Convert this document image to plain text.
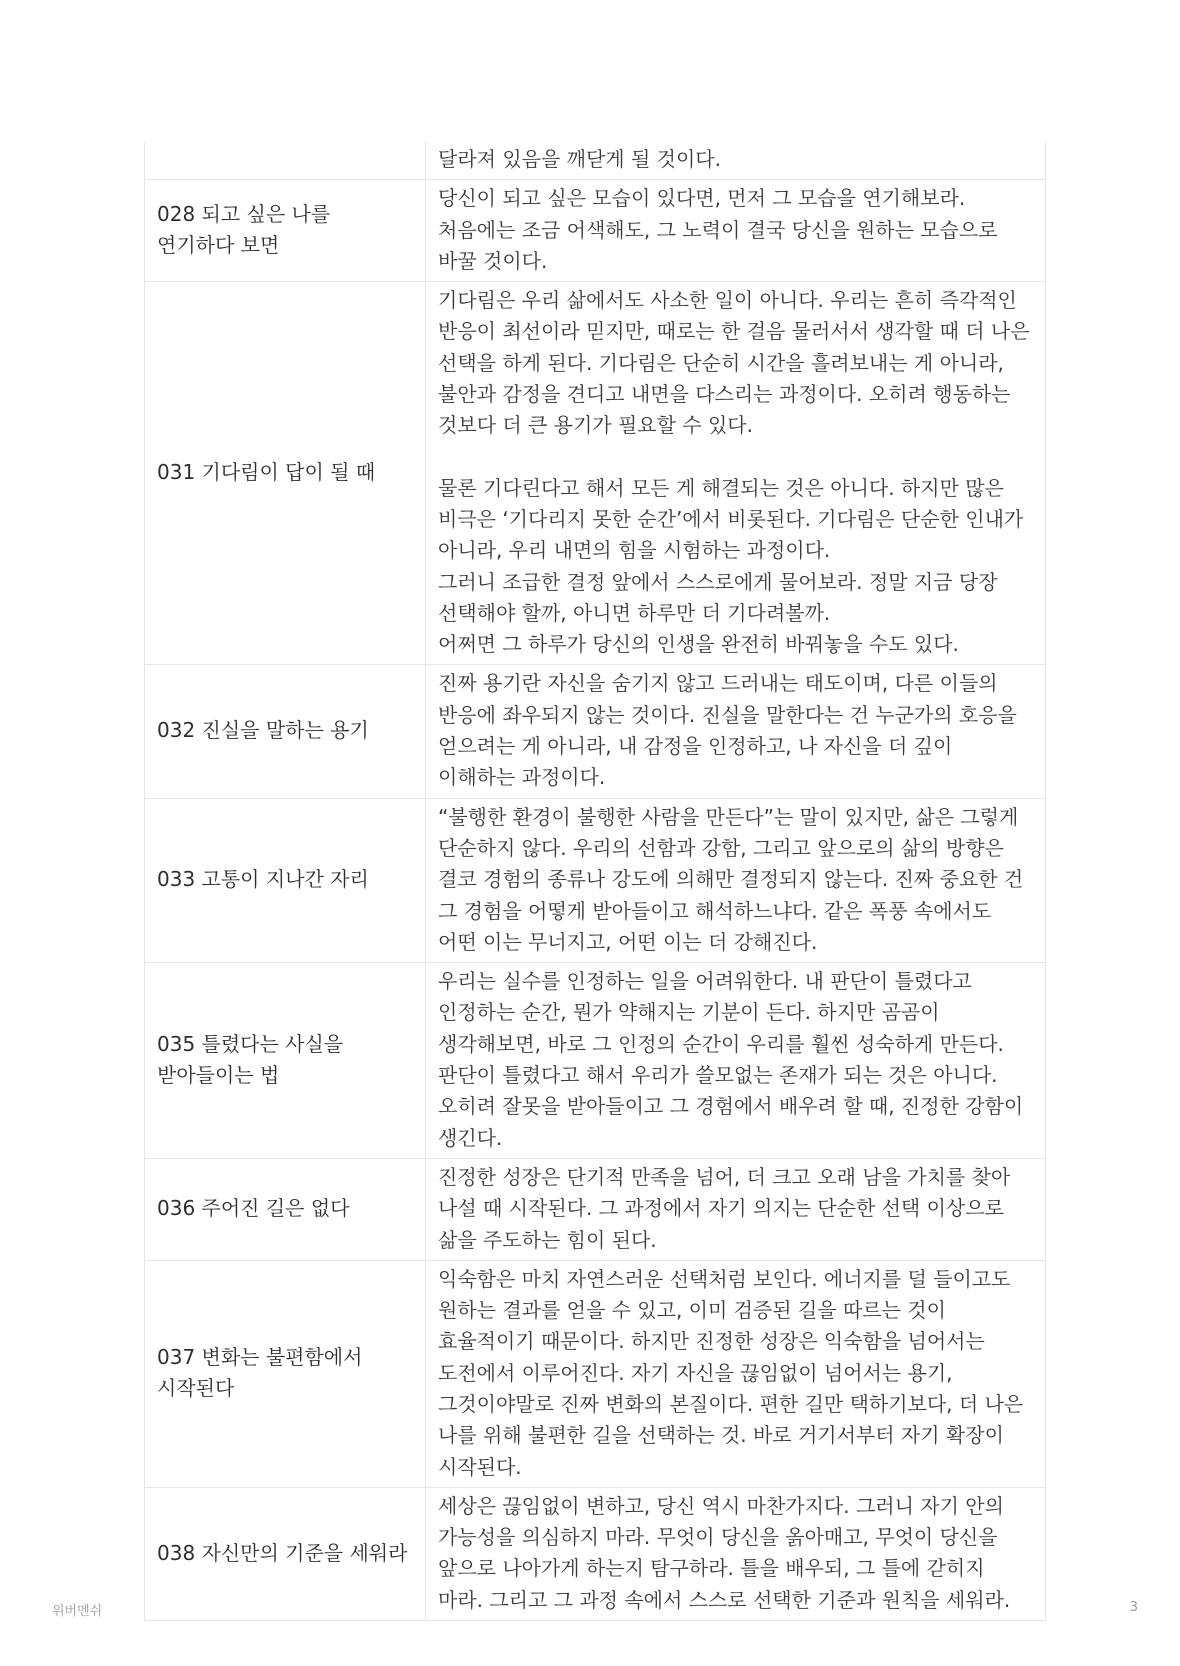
	달라져 있음을 깨닫게 될 것이다.

028 되고 싶은 나를 연기하다 보면	당신이 되고 싶은 모습이 있다면, 먼저 그 모습을 연기해보라. 처음에는 조금 어색해도, 그 노력이 결국 당신을 원하는 모습으로 바꿀 것이다.

031 기다림이 답이 될 때	기다림은 우리 삶에서도 사소한 일이 아니다. 우리는 흔히 즉각적인 반응이 최선이라 믿지만, 때로는 한 걸음 물러서서 생각할 때 더 나은 선택을 하게 된다. 기다림은 단순히 시간을 흘려보내는 게 아니라, 불안과 감정을 견디고 내면을 다스리는 과정이다. 오히려 행동하는 것보다 더 큰 용기가 필요할 수 있다.

물론 기다린다고 해서 모든 게 해결되는 것은 아니다. 하지만 많은 비극은 ‘기다리지 못한 순간’에서 비롯된다. 기다림은 단순한 인내가 아니라, 우리 내면의 힘을 시험하는 과정이다.

그러니 조급한 결정 앞에서 스스로에게 물어보라. 정말 지금 당장 선택해야 할까, 아니면 하루만 더 기다려볼까.

어쩌면 그 하루가 당신의 인생을 완전히 바꿔놓을 수도 있다.

032 진실을 말하는 용기	진짜 용기란 자신을 숨기지 않고 드러내는 태도이며, 다른 이들의 반응에 좌우되지 않는 것이다. 진실을 말한다는 건 누군가의 호응을 얻으려는 게 아니라, 내 감정을 인정하고, 나 자신을 더 깊이 이해하는 과정이다.

033 고통이 지나간 자리	“불행한 환경이 불행한 사람을 만든다”는 말이 있지만, 삶은 그렇게 단순하지 않다. 우리의 선함과 강함, 그리고 앞으로의 삶의 방향은 결코 경험의 종류나 강도에 의해만 결정되지 않는다. 진짜 중요한 건 그 경험을 어떻게 받아들이고 해석하느냐다. 같은 폭풍 속에서도 어떤 이는 무너지고, 어떤 이는 더 강해진다.

035 틀렸다는 사실을 받아들이는 법	우리는 실수를 인정하는 일을 어려워한다. 내 판단이 틀렸다고 인정하는 순간, 뭔가 약해지는 기분이 든다. 하지만 곰곰이 생각해보면, 바로 그 인정의 순간이 우리를 훨씬 성숙하게 만든다. 판단이 틀렸다고 해서 우리가 쓸모없는 존재가 되는 것은 아니다. 오히려 잘못을 받아들이고 그 경험에서 배우려 할 때, 진정한 강함이 생긴다.

036 주어진 길은 없다	진정한 성장은 단기적 만족을 넘어, 더 크고 오래 남을 가치를 찾아 나설 때 시작된다. 그 과정에서 자기 의지는 단순한 선택 이상으로 삶을 주도하는 힘이 된다.

037 변화는 불편함에서 시작된다	익숙함은 마치 자연스러운 선택처럼 보인다. 에너지를 덜 들이고도 원하는 결과를 얻을 수 있고, 이미 검증된 길을 따르는 것이 효율적이기 때문이다. 하지만 진정한 성장은 익숙함을 넘어서는 도전에서 이루어진다. 자기 자신을 끊임없이 넘어서는 용기, 그것이야말로 진짜 변화의 본질이다. 편한 길만 택하기보다, 더 나은 나를 위해 불편한 길을 선택하는 것. 바로 거기서부터 자기 확장이 시작된다.

038 자신만의 기준을 세워라	세상은 끊임없이 변하고, 당신 역시 마찬가지다. 그러니 자기 안의 가능성을 의심하지 마라. 무엇이 당신을 옭아매고, 무엇이 당신을 앞으로 나아가게 하는지 탐구하라. 틀을 배우되, 그 틀에 갇히지 마라. 그리고 그 과정 속에서 스스로 선택한 기준과 원칙을 세워라.

위버멘쉬	3
